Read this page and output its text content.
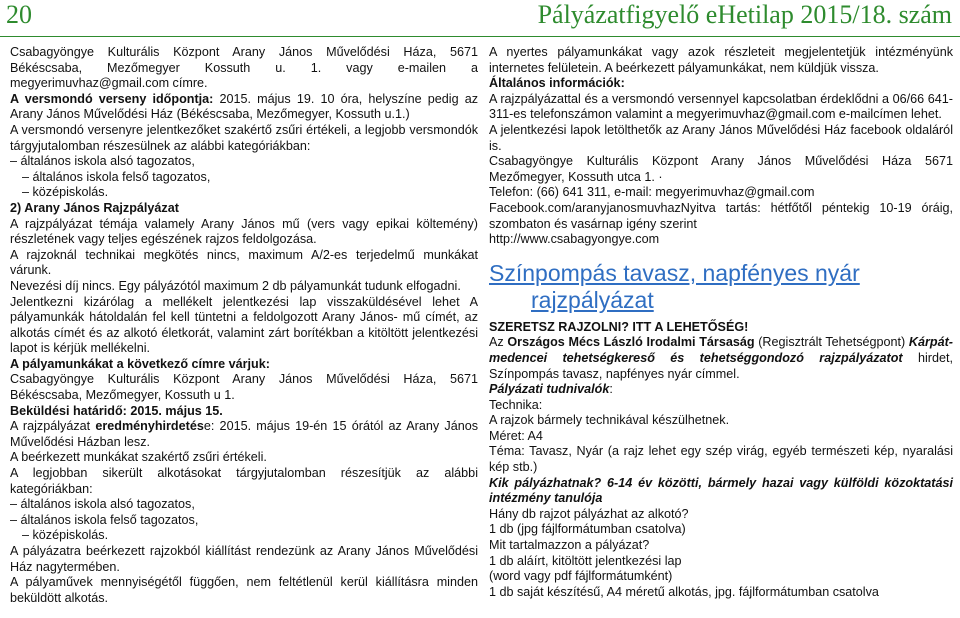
20	Pályázatfigyelő eHetilap 2015/18. szám

Csabagyöngye Kulturális Központ Arany János Művelődési Háza, 5671 Békéscsaba, Mezőmegyer Kossuth u. 1. vagy e-mailen a megyerimuvhaz@gmail.com címre.

A versmondó verseny időpontja: 2015. május 19. 10 óra, helyszíne pedig az Arany János Művelődési Ház (Békéscsaba, Mezőmegyer, Kossuth u.1.)

A versmondó versenyre jelentkezőket szakértő zsűri értékeli, a legjobb versmondók tárgyjutalomban részesülnek az alábbi kategóriákban:

– általános iskola alsó tagozatos,

– általános iskola felső tagozatos,

– középiskolás.

2) Arany János Rajzpályázat

A rajzpályázat témája valamely Arany János mű (vers vagy epikai költemény) részletének vagy teljes egészének rajzos feldolgozása.

A rajzoknál technikai megkötés nincs, maximum A/2-es terjedelmű munkákat várunk.

Nevezési díj nincs. Egy pályázótól maximum 2 db pályamunkát tudunk elfogadni.

Jelentkezni kizárólag a mellékelt jelentkezési lap visszaküldésével lehet A pályamunkák hátoldalán fel kell tüntetni a feldolgozott Arany János- mű címét, az alkotás címét és az alkotó életkorát, valamint zárt borítékban a kitöltött jelentkezési lapot is kérjük mellékelni.

A pályamunkákat a következő címre várjuk:

Csabagyöngye Kulturális Központ Arany János Művelődési Háza, 5671 Békéscsaba, Mezőmegyer, Kossuth u 1.

Beküldési határidő: 2015. május 15.

A rajzpályázat eredményhirdetése: 2015. május 19-én 15 órától az Arany János Művelődési Házban lesz.

A beérkezett munkákat szakértő zsűri értékeli.

A legjobban sikerült alkotásokat tárgyjutalomban részesítjük az alábbi kategóriákban:

– általános iskola alsó tagozatos,

– általános iskola felső tagozatos,

– középiskolás.

A pályázatra beérkezett rajzokból kiállítást rendezünk az Arany János Művelődési Ház nagytermében.

A pályaművek mennyiségétől függően, nem feltétlenül kerül kiállításra minden beküldött alkotás.

A nyertes pályamunkákat vagy azok részleteit megjelentetjük intézményünk internetes felületein. A beérkezett pályamunkákat, nem küldjük vissza.

Általános információk:

A rajzpályázattal és a versmondó versennyel kapcsolatban érdeklődni a 06/66 641-311-es telefonszámon valamint a megyerimuvhaz@gmail.com e-mailcímen lehet.

A jelentkezési lapok letölthetők az Arany János Művelődési Ház facebook oldaláról is.

Csabagyöngye Kulturális Központ Arany János Művelődési Háza 5671 Mezőmegyer, Kossuth utca 1. ·

Telefon: (66) 641 311, e-mail: megyerimuvhaz@gmail.com

Facebook.com/aranyjanosmuvhazNyitva tartás: hétfőtől péntekig 10-19 óráig, szombaton és vasárnap igény szerint

http://www.csabagyongye.com

Színpompás tavasz, napfényes nyár
rajzpályázat

SZERETSZ RAJZOLNI? ITT A LEHETŐSÉG!

Az Országos Mécs László Irodalmi Társaság (Regisztrált Tehetségpont) Kárpát-medencei tehetségkereső és tehetséggondozó rajzpályázatot hirdet, Színpompás tavasz, napfényes nyár címmel.

Pályázati tudnivalók:

Technika:

A rajzok bármely technikával készülhetnek.

Méret: A4

Téma: Tavasz, Nyár (a rajz lehet egy szép virág, egyéb természeti kép, nyaralási kép stb.)

Kik pályázhatnak? 6-14 év közötti, bármely hazai vagy külföldi közoktatási intézmény tanulója

Hány db rajzot pályázhat az alkotó?

1 db (jpg fájlformátumban csatolva)

Mit tartalmazzon a pályázat?

1 db aláírt, kitöltött jelentkezési lap

(word vagy pdf fájlformátumként)

1 db saját készítésű, A4 méretű alkotás, jpg. fájlformátumban csatolva
